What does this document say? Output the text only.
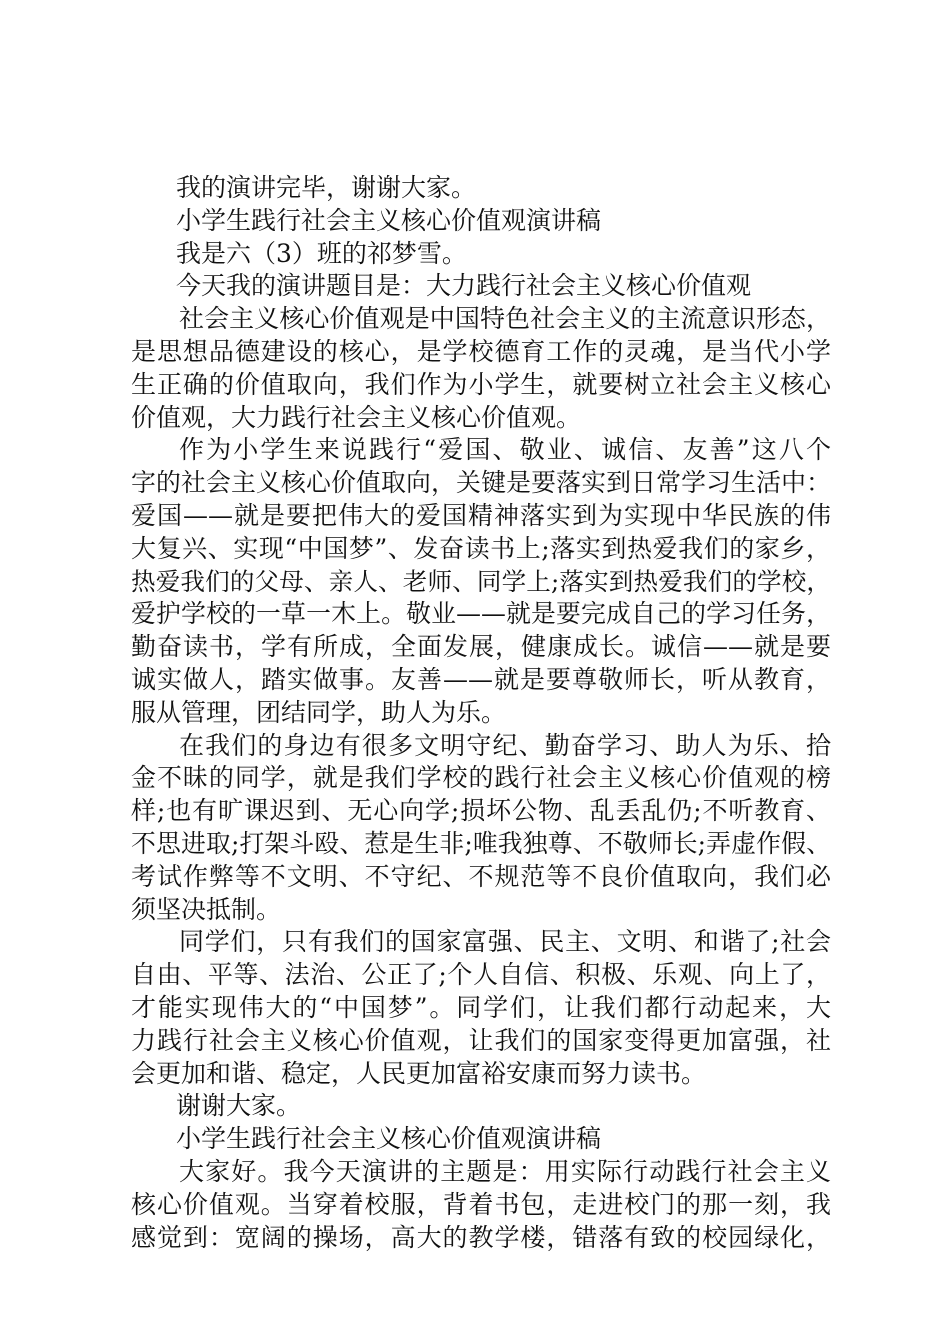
我的演讲完毕，谢谢大家。
小学生践行社会主义核心价值观演讲稿
我是六（3）班的祁梦雪。
今天我的演讲题目是：大力践行社会主义核心价值观
社会主义核心价值观是中国特色社会主义的主流意识形态，
是思想品德建设的核心，是学校德育工作的灵魂，是当代小学
生正确的价值取向，我们作为小学生，就要树立社会主义核心
价值观，大力践行社会主义核心价值观。
作为小学生来说践行“爱国、敬业、诚信、友善”这八个
字的社会主义核心价值取向，关键是要落实到日常学习生活中：
爱国——就是要把伟大的爱国精神落实到为实现中华民族的伟
大复兴、实现“中国梦”、发奋读书上;落实到热爱我们的家乡，
热爱我们的父母、亲人、老师、同学上;落实到热爱我们的学校，
爱护学校的一草一木上。敬业——就是要完成自己的学习任务，
勤奋读书，学有所成，全面发展，健康成长。诚信——就是要
诚实做人，踏实做事。友善——就是要尊敬师长，听从教育，
服从管理，团结同学，助人为乐。
在我们的身边有很多文明守纪、勤奋学习、助人为乐、拾
金不昧的同学，就是我们学校的践行社会主义核心价值观的榜
样;也有旷课迟到、无心向学;损坏公物、乱丢乱仍;不听教育、
不思进取;打架斗殴、惹是生非;唯我独尊、不敬师长;弄虚作假、
考试作弊等不文明、不守纪、不规范等不良价值取向，我们必
须坚决抵制。
同学们，只有我们的国家富强、民主、文明、和谐了;社会
自由、平等、法治、公正了;个人自信、积极、乐观、向上了，
才能实现伟大的“中国梦”。同学们，让我们都行动起来，大
力践行社会主义核心价值观，让我们的国家变得更加富强，社
会更加和谐、稳定，人民更加富裕安康而努力读书。
谢谢大家。
小学生践行社会主义核心价值观演讲稿
大家好。我今天演讲的主题是：用实际行动践行社会主义
核心价值观。当穿着校服，背着书包，走进校门的那一刻，我
感觉到：宽阔的操场，高大的教学楼，错落有致的校园绿化，
